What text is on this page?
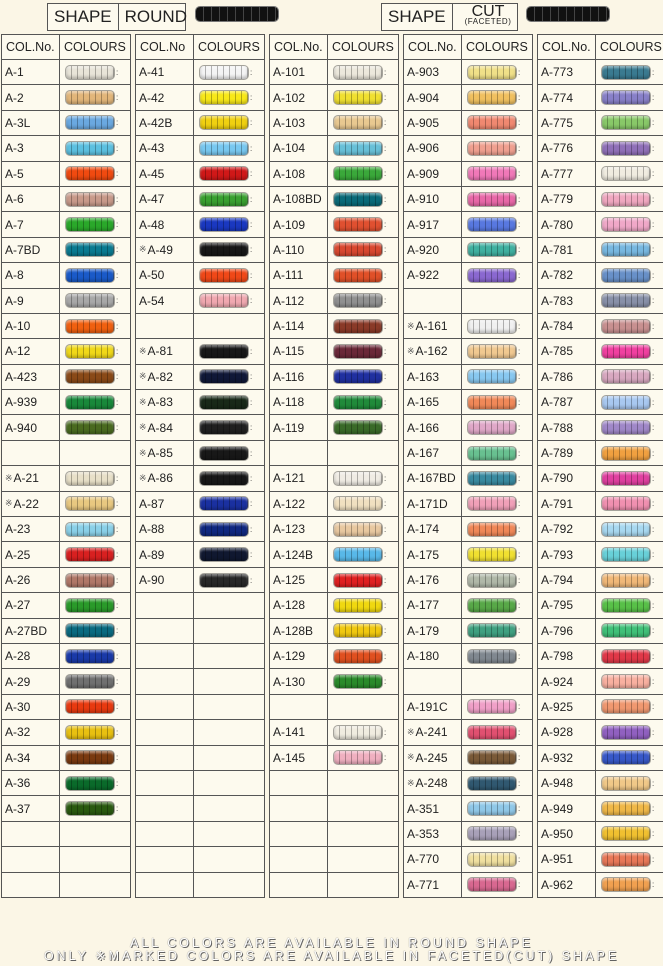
SHAPE ROUND	SHAPE	CUT
(FACETED)
COL.No. COLOURS
A-1	:
A-2	:
A-3L	:
A-3	:
A-5	:
A-6	:
A-7	:
A-7BD	:
A-8	:
A-9	:
A-10	:
A-12	:
A-423	:
A-939	:
A-940	:
※ A-21	:
※ A-22	:
A-23	:
A-25	:
A-26	:
A-27	:
A-27BD	:
A-28	:
A-29	:
A-30	:
A-32	:
A-34	:
A-36	:
A-37	:
COL.No	COLOURS
A-41	:
A-42	:
A-42B	:
A-43	:
A-45	:
A-47	:
A-48	:
※ A-49	:
A-50	:
A-54	:
※ A-81	:
※ A-82	:
※ A-83	:
※ A-84	:
※ A-85	:
※ A-86	:
A-87	:
A-88	:
A-89	:
A-90	:
COL.No. COLOURS
A-101	:
A-102	:
A-103	:
A-104	:
A-108	:
A-108BD	:
A-109	:
A-110	:
A-111	:
A-112	:
A-114	:
A-115	:
A-116	:
A-118	:
A-119	:
A-121	:
A-122	:
A-123	:
A-124B	:
A-125	:
A-128	:
A-128B	:
A-129	:
A-130	:
A-141	:
A-145	:
COL.No. COLOURS
A-903	:
A-904	:
A-905	:
A-906	:
A-909	:
A-910	:
A-917	:
A-920	:
A-922	:
※ A-161	:
※ A-162	:
A-163	:
A-165	:
A-166	:
A-167	:
A-167BD	:
A-171D	:
A-174	:
A-175	:
A-176	:
A-177	:
A-179	:
A-180	:
A-191C	:
※ A-241	:
※ A-245	:
※ A-248	:
A-351	:
A-353	:
A-770	:
A-771	:
COL.No. COLOURS
A-773	:
A-774	:
A-775	:
A-776	:
A-777	:
A-779	:
A-780	:
A-781	:
A-782	:
A-783	:
A-784	:
A-785	:
A-786	:
A-787	:
A-788	:
A-789	:
A-790	:
A-791	:
A-792	:
A-793	:
A-794	:
A-795	:
A-796	:
A-798	:
A-924	:
A-925	:
A-928	:
A-932	:
A-948	:
A-949	:
A-950	:
A-951	:
A-962	:
ALL COLORS ARE AVAILABLE IN ROUND SHAPE
ONLY ※MARKED COLORS ARE AVAILABLE IN FACETED(CUT) SHAPE
